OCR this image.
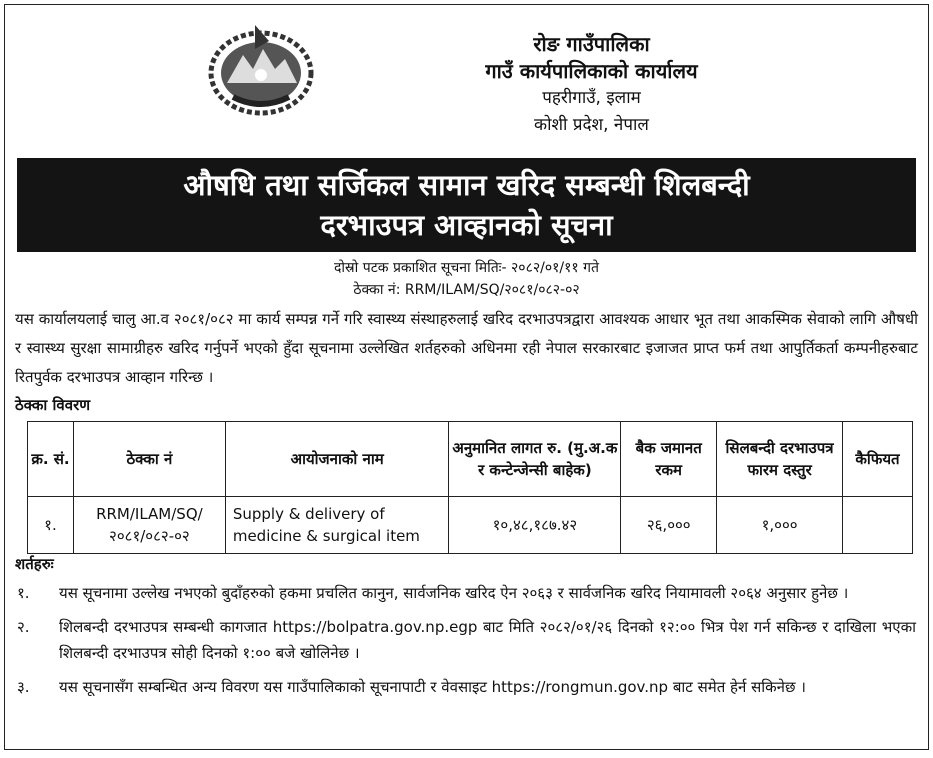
रोङ गाउँपालिका
गाउँ कार्यपालिकाको कार्यालय
पहरीगाउँ, इलाम
कोशी प्रदेश, नेपाल
औषधि तथा सर्जिकल सामान खरिद सम्बन्धी शिलबन्दी
दरभाउपत्र आव्हानको सूचना
दोस्रो पटक प्रकाशित सूचना मितिः- २०८२/०१/११ गते
ठेक्का नं: RRM/ILAM/SQ/२०८१/०८२-०२
यस कार्यालयलाई चालु आ.व २०८१/०८२ मा कार्य सम्पन्न गर्ने गरि स्वास्थ्य संस्थाहरुलाई खरिद दरभाउपत्रद्वारा आवश्यक आधार भूत तथा आकस्मिक सेवाको लागि औषधी र स्वास्थ्य सुरक्षा सामाग्रीहरु खरिद गर्नुपर्ने भएको हुँदा सूचनामा उल्लेखित शर्तहरुको अधिनमा रही नेपाल सरकारबाट इजाजत प्राप्त फर्म तथा आपुर्तिकर्ता कम्पनीहरुबाट रितपुर्वक दरभाउपत्र आव्हान गरिन्छ ।
ठेक्का विवरण
क्र. सं.	ठेक्का नं	आयोजनाको नाम	अनुमानित लागत रु. (मु.अ.क र कन्टेन्जेन्सी बाहेक)	बैक जमानत रकम	सिलबन्दी दरभाउपत्र फारम दस्तुर	कैफियत
१.	RRM/ILAM/SQ/ २०८१/०८२-०२	Supply & delivery of medicine & surgical item	१०,४८,१८७.४२	२६,०००	१,०००	
शर्तहरुः
१.	यस सूचनामा उल्लेख नभएको बुदाँहरुको हकमा प्रचलित कानुन, सार्वजनिक खरिद ऐन २०६३ र सार्वजनिक खरिद नियामावली २०६४ अनुसार हुनेछ ।
२.	शिलबन्दी दरभाउपत्र सम्बन्धी कागजात https://bolpatra.gov.np.egp बाट मिति २०८२/०१/२६ दिनको १२:०० भित्र पेश गर्न सकिन्छ र दाखिला भएका शिलबन्दी दरभाउपत्र सोही दिनको १:०० बजे खोलिनेछ ।
३.	यस सूचनासँग सम्बन्धित अन्य विवरण यस गाउँपालिकाको सूचनापाटी र वेवसाइट https://rongmun.gov.np बाट समेत हेर्न सकिनेछ ।
